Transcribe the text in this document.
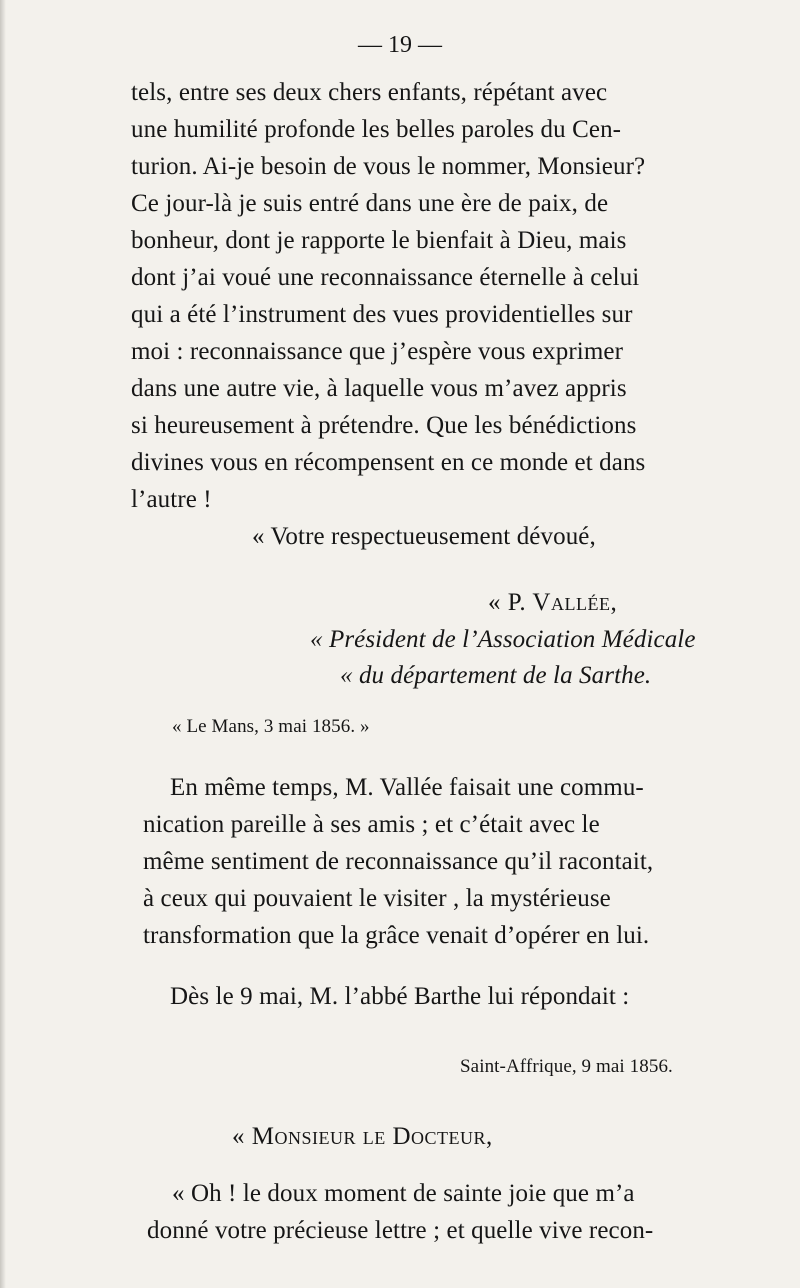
— 19 —
tels, entre ses deux chers enfants, répétant avec
une humilité profonde les belles paroles du Cen-
turion. Ai-je besoin de vous le nommer, Monsieur?
Ce jour-là je suis entré dans une ère de paix, de
bonheur, dont je rapporte le bienfait à Dieu, mais
dont j’ai voué une reconnaissance éternelle à celui
qui a été l’instrument des vues providentielles sur
moi : reconnaissance que j’espère vous exprimer
dans une autre vie, à laquelle vous m’avez appris
si heureusement à prétendre. Que les bénédictions
divines vous en récompensent en ce monde et dans
l’autre !
« Votre respectueusement dévoué,
« P. Vallée,
« Président de l’Association Médicale
« du département de la Sarthe.
« Le Mans, 3 mai 1856. »
En même temps, M. Vallée faisait une commu-
nication pareille à ses amis ; et c’était avec le
même sentiment de reconnaissance qu’il racontait,
à ceux qui pouvaient le visiter , la mystérieuse
transformation que la grâce venait d’opérer en lui.
Dès le 9 mai, M. l’abbé Barthe lui répondait :
Saint-Affrique, 9 mai 1856.
« Monsieur le Docteur,
« Oh ! le doux moment de sainte joie que m’a
donné votre précieuse lettre ; et quelle vive recon-
